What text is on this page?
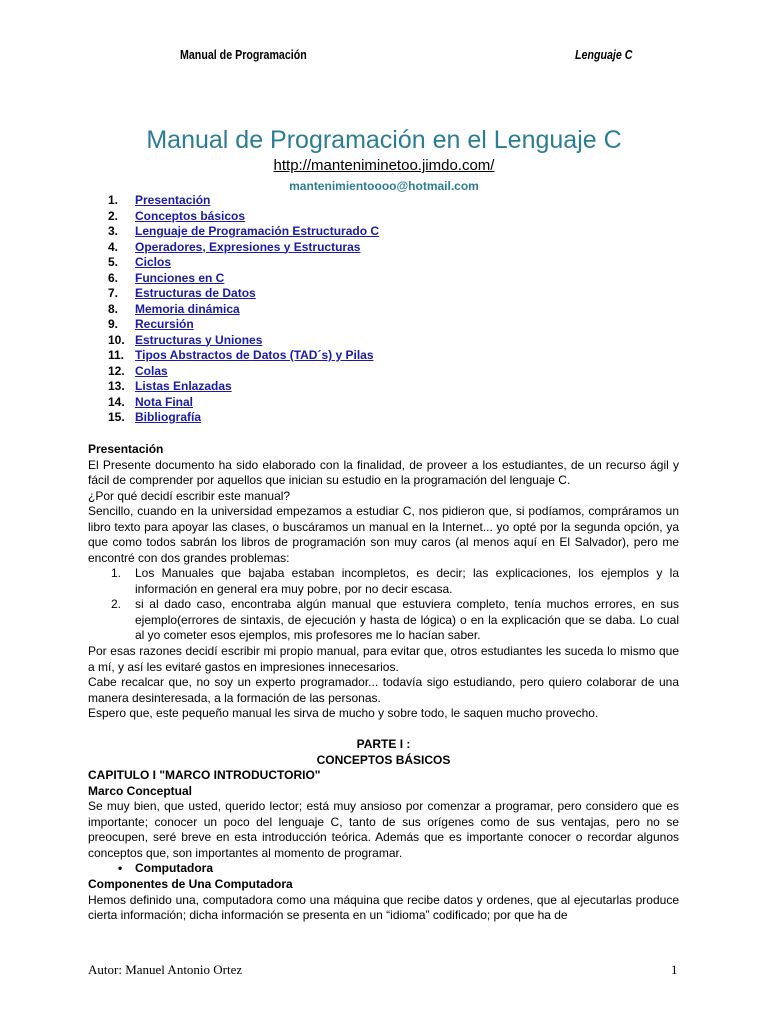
Manual de Programación	Lenguaje C
Manual de Programación en el Lenguaje C
http://manteniminetoo.jimdo.com/
mantenimientoooo@hotmail.com
1. Presentación
2. Conceptos básicos
3. Lenguaje de Programación Estructurado C
4. Operadores, Expresiones y Estructuras
5. Ciclos
6. Funciones en C
7. Estructuras de Datos
8. Memoria dinámica
9. Recursión
10. Estructuras y Uniones
11. Tipos Abstractos de Datos (TAD´s) y Pilas
12. Colas
13. Listas Enlazadas
14. Nota Final
15. Bibliografía
Presentación
El Presente documento ha sido elaborado con la finalidad, de proveer a los estudiantes, de un recurso ágil y fácil de comprender por aquellos que inician su estudio en la programación del lenguaje C.
¿Por qué decidí escribir este manual?
Sencillo, cuando en la universidad empezamos a estudiar C, nos pidieron que, si podíamos, compráramos un libro texto para apoyar las clases, o buscáramos un manual en la Internet... yo opté por la segunda opción, ya que como todos sabrán los libros de programación son muy caros (al menos aquí en El Salvador), pero me encontré con dos grandes problemas:
1. Los Manuales que bajaba estaban incompletos, es decir; las explicaciones, los ejemplos y la información en general era muy pobre, por no decir escasa.
2. si al dado caso, encontraba algún manual que estuviera completo, tenía muchos errores, en sus ejemplo(errores de sintaxis, de ejecución y hasta de lógica) o en la explicación que se daba. Lo cual al yo cometer esos ejemplos, mis profesores me lo hacían saber.
Por esas razones decidí escribir mi propio manual, para evitar que, otros estudiantes les suceda lo mismo que a mí, y así les evitaré gastos en impresiones innecesarios.
Cabe recalcar que, no soy un experto programador... todavía sigo estudiando, pero quiero colaborar de una manera desinteresada, a la formación de las personas.
Espero que, este pequeño manual les sirva de mucho y sobre todo, le saquen mucho provecho.
PARTE I :
CONCEPTOS BÁSICOS
CAPITULO I "MARCO INTRODUCTORIO"
Marco Conceptual
Se muy bien, que usted, querido lector; está muy ansioso por comenzar a programar, pero considero que es importante; conocer un poco del lenguaje C, tanto de sus orígenes como de sus ventajas, pero no se preocupen, seré breve en esta introducción teórica. Además que es importante conocer o recordar algunos conceptos que, son importantes al momento de programar.
• Computadora
Componentes de Una Computadora
Hemos definido una, computadora como una máquina que recibe datos y ordenes, que al ejecutarlas produce cierta información; dicha información se presenta en un “idioma” codificado; por que ha de
Autor: Manuel Antonio Ortez	1
